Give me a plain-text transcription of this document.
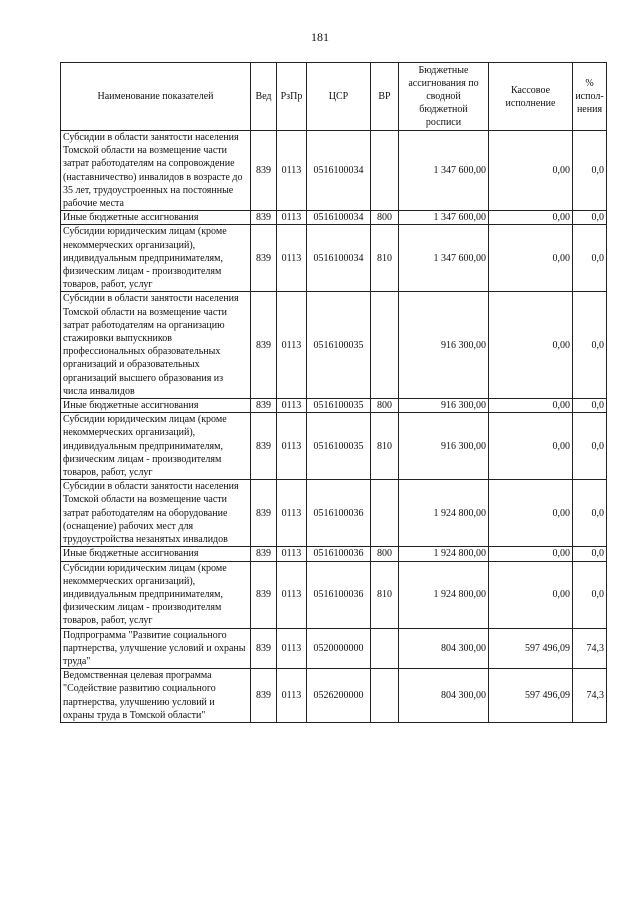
181
Наименование показателей	Вед	РзПр	ЦСР	ВР	Бюджетные ассигнования по сводной бюджетной росписи	Кассовое исполнение	% испол-нения
Субсидии в области занятости населения Томской области на возмещение части затрат работодателям на сопровождение (наставничество) инвалидов в возрасте до 35 лет, трудоустроенных на постоянные рабочие места	839	0113	0516100034		1 347 600,00	0,00	0,0
Иные бюджетные ассигнования	839	0113	0516100034	800	1 347 600,00	0,00	0,0
Субсидии юридическим лицам (кроме некоммерческих организаций), индивидуальным предпринимателям, физическим лицам - производителям товаров, работ, услуг	839	0113	0516100034	810	1 347 600,00	0,00	0,0
Субсидии в области занятости населения Томской области на возмещение части затрат работодателям на организацию стажировки выпускников профессиональных образовательных организаций и образовательных организаций высшего образования из числа инвалидов	839	0113	0516100035		916 300,00	0,00	0,0
Иные бюджетные ассигнования	839	0113	0516100035	800	916 300,00	0,00	0,0
Субсидии юридическим лицам (кроме некоммерческих организаций), индивидуальным предпринимателям, физическим лицам - производителям товаров, работ, услуг	839	0113	0516100035	810	916 300,00	0,00	0,0
Субсидии в области занятости населения Томской области на возмещение части затрат работодателям на оборудование (оснащение) рабочих мест для трудоустройства незанятых инвалидов	839	0113	0516100036		1 924 800,00	0,00	0,0
Иные бюджетные ассигнования	839	0113	0516100036	800	1 924 800,00	0,00	0,0
Субсидии юридическим лицам (кроме некоммерческих организаций), индивидуальным предпринимателям, физическим лицам - производителям товаров, работ, услуг	839	0113	0516100036	810	1 924 800,00	0,00	0,0
Подпрограмма "Развитие социального партнерства, улучшение условий и охраны труда"	839	0113	0520000000		804 300,00	597 496,09	74,3
Ведомственная целевая программа "Содействие развитию социального партнерства, улучшению условий и охраны труда в Томской области"	839	0113	0526200000		804 300,00	597 496,09	74,3
